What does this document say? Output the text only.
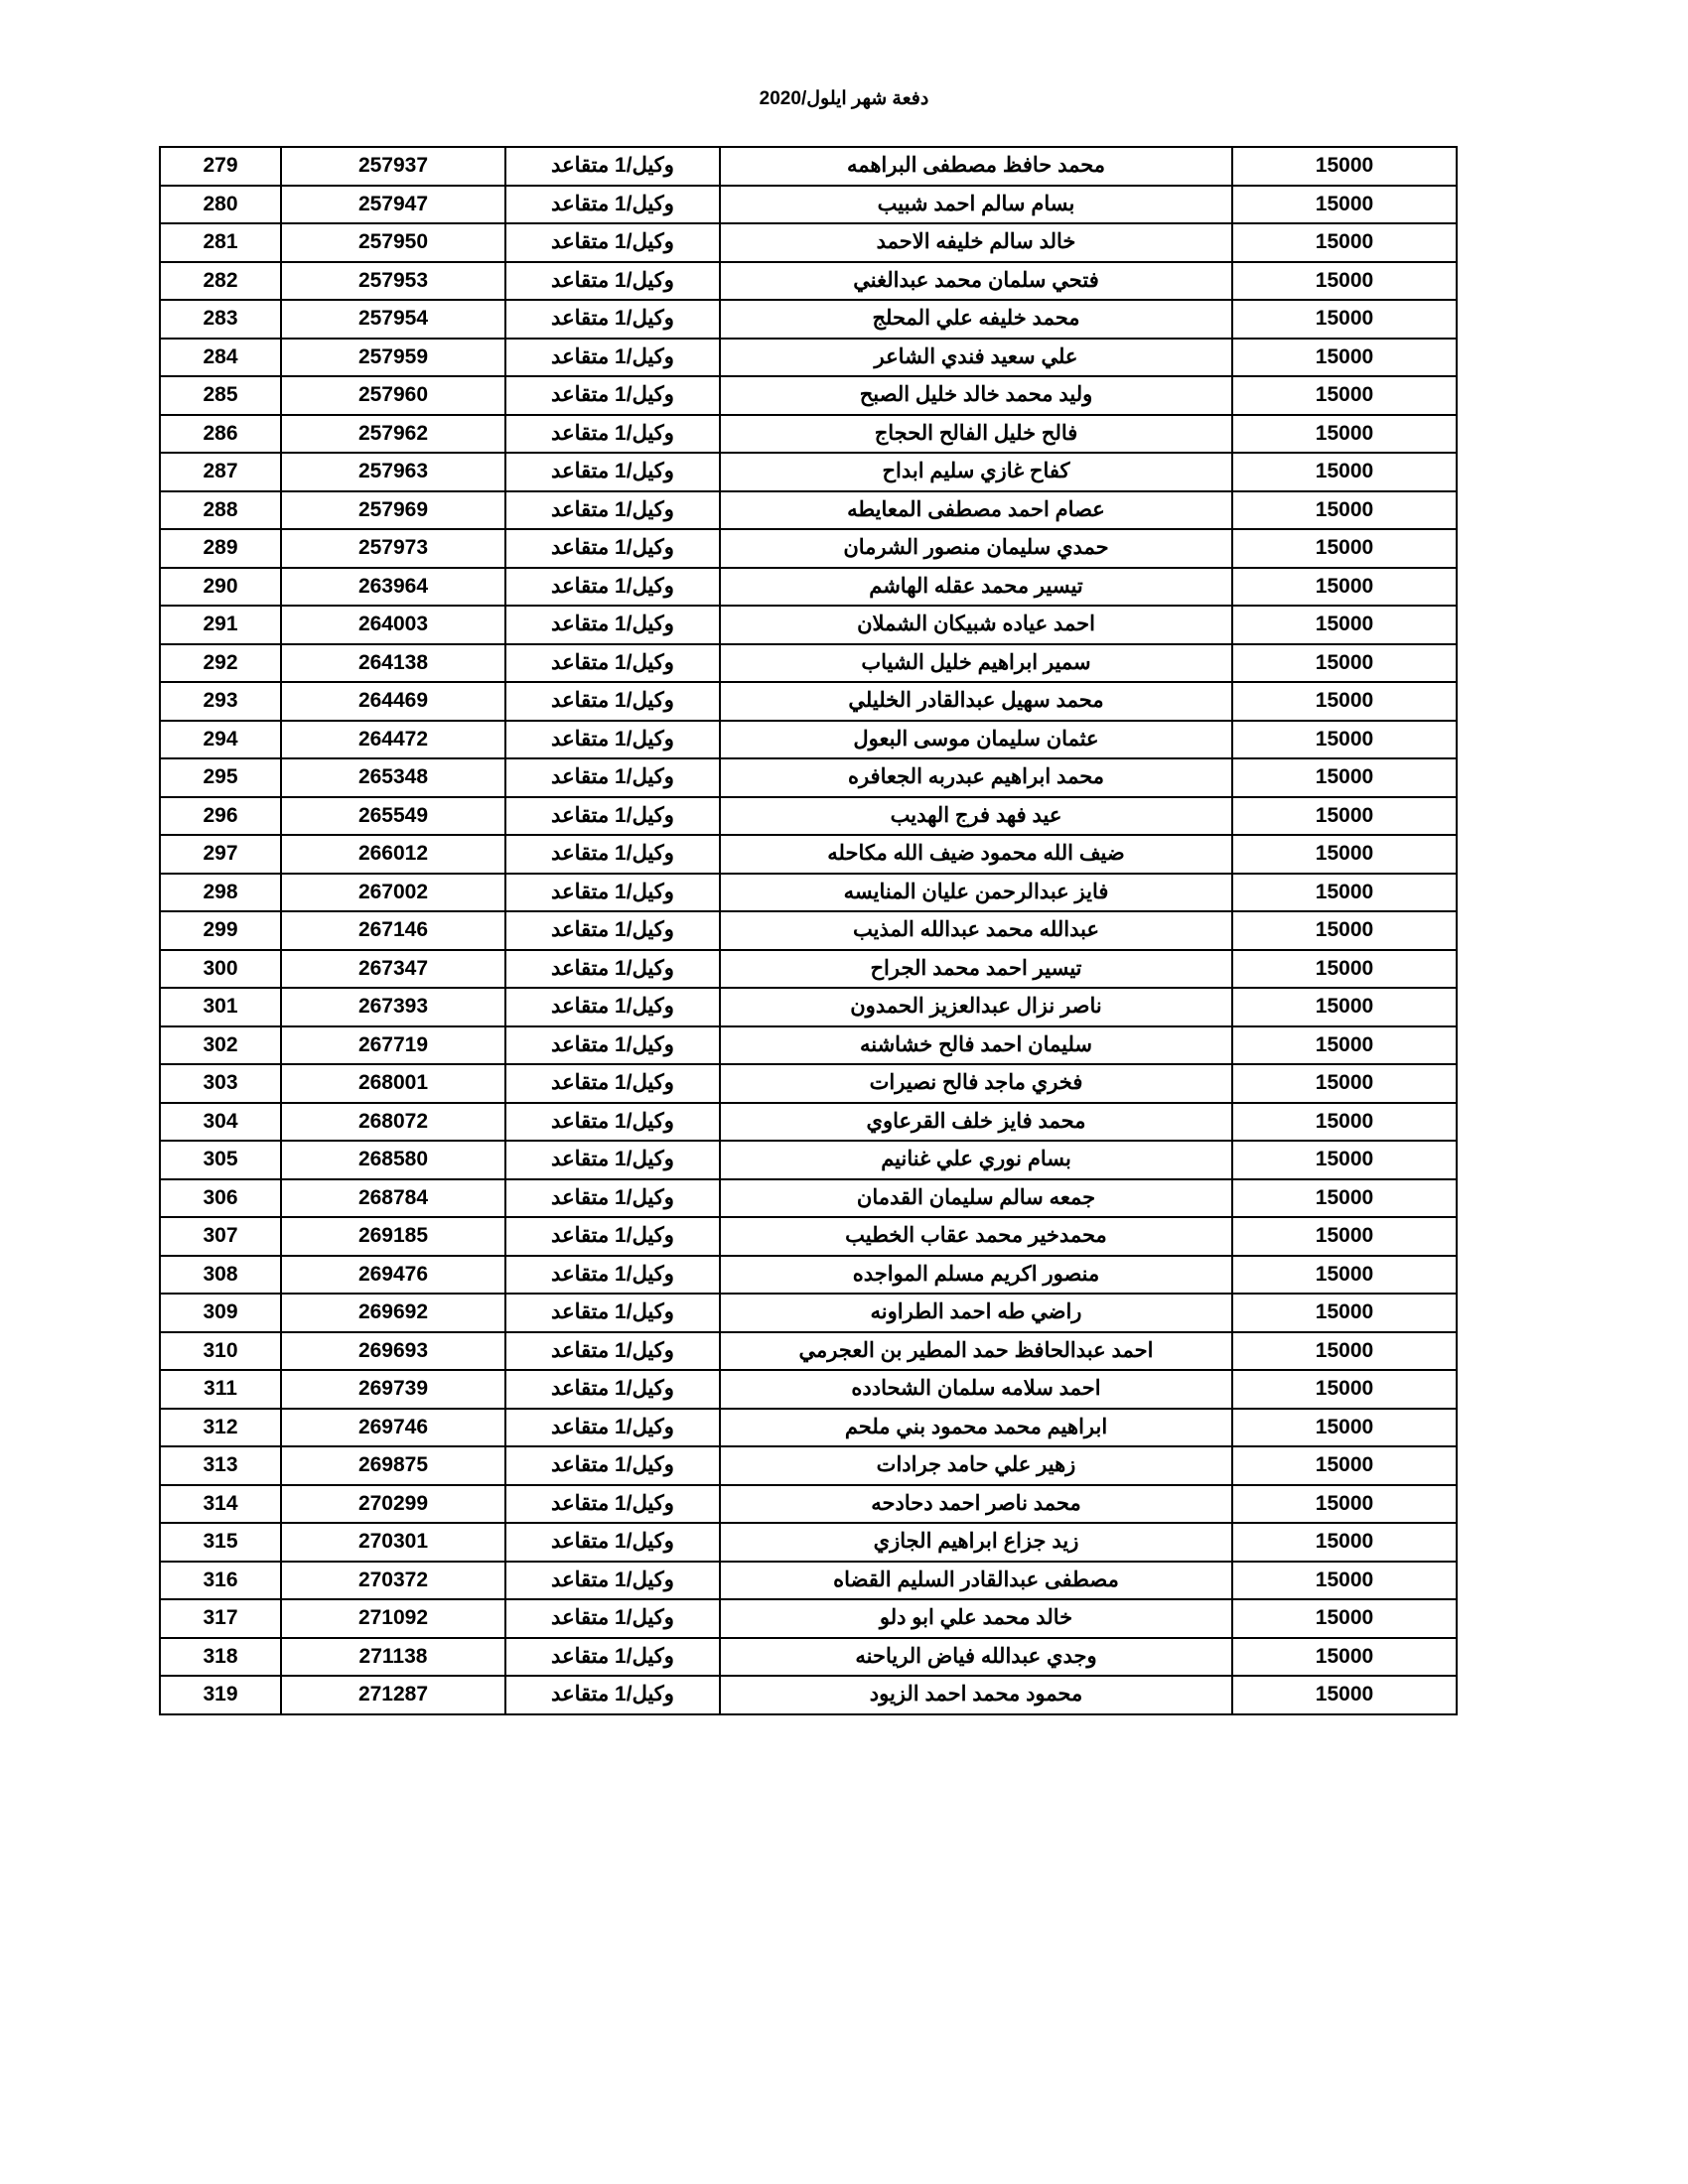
دفعة شهر ايلول/2020
15000	محمد حافظ مصطفى البراهمه	وكيل/1 متقاعد	257937	279
15000	بسام سالم احمد شبيب	وكيل/1 متقاعد	257947	280
15000	خالد سالم خليفه الاحمد	وكيل/1 متقاعد	257950	281
15000	فتحي سلمان محمد عبدالغني	وكيل/1 متقاعد	257953	282
15000	محمد خليفه علي المحلج	وكيل/1 متقاعد	257954	283
15000	علي سعيد فندي الشاعر	وكيل/1 متقاعد	257959	284
15000	وليد محمد خالد خليل الصبح	وكيل/1 متقاعد	257960	285
15000	فالح خليل الفالح الحجاج	وكيل/1 متقاعد	257962	286
15000	كفاح غازي سليم ابداح	وكيل/1 متقاعد	257963	287
15000	عصام احمد مصطفى المعايطه	وكيل/1 متقاعد	257969	288
15000	حمدي سليمان منصور الشرمان	وكيل/1 متقاعد	257973	289
15000	تيسير محمد عقله الهاشم	وكيل/1 متقاعد	263964	290
15000	احمد عياده شبيكان الشملان	وكيل/1 متقاعد	264003	291
15000	سمير ابراهيم خليل الشياب	وكيل/1 متقاعد	264138	292
15000	محمد سهيل عبدالقادر الخليلي	وكيل/1 متقاعد	264469	293
15000	عثمان سليمان موسى البعول	وكيل/1 متقاعد	264472	294
15000	محمد ابراهيم عبدربه الجعافره	وكيل/1 متقاعد	265348	295
15000	عيد فهد فرج الهديب	وكيل/1 متقاعد	265549	296
15000	ضيف الله محمود ضيف الله مكاحله	وكيل/1 متقاعد	266012	297
15000	فايز عبدالرحمن عليان المنايسه	وكيل/1 متقاعد	267002	298
15000	عبدالله محمد عبدالله المذيب	وكيل/1 متقاعد	267146	299
15000	تيسير احمد محمد الجراح	وكيل/1 متقاعد	267347	300
15000	ناصر نزال عبدالعزيز الحمدون	وكيل/1 متقاعد	267393	301
15000	سليمان احمد فالح خشاشنه	وكيل/1 متقاعد	267719	302
15000	فخري ماجد فالح نصيرات	وكيل/1 متقاعد	268001	303
15000	محمد فايز خلف القرعاوي	وكيل/1 متقاعد	268072	304
15000	بسام نوري علي غنانيم	وكيل/1 متقاعد	268580	305
15000	جمعه سالم سليمان القدمان	وكيل/1 متقاعد	268784	306
15000	محمدخير محمد عقاب الخطيب	وكيل/1 متقاعد	269185	307
15000	منصور اكريم مسلم المواجده	وكيل/1 متقاعد	269476	308
15000	راضي طه احمد الطراونه	وكيل/1 متقاعد	269692	309
15000	احمد عبدالحافظ حمد المطير بن العجرمي	وكيل/1 متقاعد	269693	310
15000	احمد سلامه سلمان الشحادده	وكيل/1 متقاعد	269739	311
15000	ابراهيم محمد محمود بني ملحم	وكيل/1 متقاعد	269746	312
15000	زهير علي حامد جرادات	وكيل/1 متقاعد	269875	313
15000	محمد ناصر احمد دحادحه	وكيل/1 متقاعد	270299	314
15000	زيد جزاع ابراهيم الجازي	وكيل/1 متقاعد	270301	315
15000	مصطفى عبدالقادر السليم القضاه	وكيل/1 متقاعد	270372	316
15000	خالد محمد علي ابو دلو	وكيل/1 متقاعد	271092	317
15000	وجدي عبدالله فياض الرياحنه	وكيل/1 متقاعد	271138	318
15000	محمود محمد احمد الزيود	وكيل/1 متقاعد	271287	319
